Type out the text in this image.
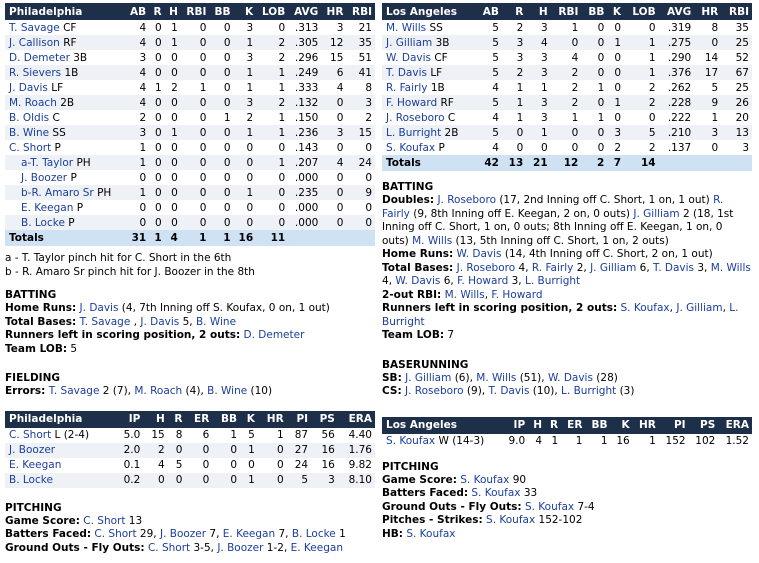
Philadelphia	AB	R	H	RBI	BB	K	LOB	AVG	HR	RBI
T. Savage CF	4	0	1	0	0	3	0	.313	3	21
J. Callison RF	4	0	1	0	0	1	2	.305	12	35
D. Demeter 3B	3	0	0	0	0	3	2	.296	15	51
R. Sievers 1B	4	0	0	0	0	1	1	.249	6	41
J. Davis LF	4	1	2	1	0	1	1	.333	4	8
M. Roach 2B	4	0	0	0	0	3	2	.132	0	3
B. Oldis C	2	0	0	0	1	2	1	.150	0	2
B. Wine SS	3	0	1	0	0	1	1	.236	3	15
C. Short P	1	0	0	0	0	0	0	.143	0	0
a-T. Taylor PH	1	0	0	0	0	0	1	.207	4	24
J. Boozer P	0	0	0	0	0	0	0	.000	0	0
b-R. Amaro Sr PH	1	0	0	0	0	1	0	.235	0	9
E. Keegan P	0	0	0	0	0	0	0	.000	0	0
B. Locke P	0	0	0	0	0	0	0	.000	0	0
Totals	31	1	4	1	1	16	11			
a - T. Taylor pinch hit for C. Short in the 6th
b - R. Amaro Sr pinch hit for J. Boozer in the 8th
BATTING
Home Runs: J. Davis (4, 7th Inning off S. Koufax, 0 on, 1 out)
Total Bases: T. Savage , J. Davis 5, B. Wine
Runners left in scoring position, 2 outs: D. Demeter
Team LOB: 5
FIELDING
Errors: T. Savage 2 (7), M. Roach (4), B. Wine (10)
Philadelphia	IP	H	R	ER	BB	K	HR	PI	PS	ERA
C. Short L (2-4)	5.0	15	8	6	1	5	1	87	56	4.40
J. Boozer	2.0	2	0	0	0	1	0	27	16	1.76
E. Keegan	0.1	4	5	0	0	0	0	24	16	9.82
B. Locke	0.2	0	0	0	0	1	0	5	3	8.10
PITCHING
Game Score: C. Short 13
Batters Faced: C. Short 29, J. Boozer 7, E. Keegan 7, B. Locke 1
Ground Outs - Fly Outs: C. Short 3-5, J. Boozer 1-2, E. Keegan
Los Angeles	AB	R	H	RBI	BB	K	LOB	AVG	HR	RBI
M. Wills SS	5	2	3	1	0	0	0	.319	8	35
J. Gilliam 3B	5	3	4	0	0	1	1	.275	0	25
W. Davis CF	5	3	3	4	0	0	1	.290	14	52
T. Davis LF	5	2	3	2	0	0	1	.376	17	67
R. Fairly 1B	4	1	1	2	1	0	2	.262	5	25
F. Howard RF	5	1	3	2	0	1	2	.228	9	26
J. Roseboro C	4	1	3	1	1	0	0	.222	1	20
L. Burright 2B	5	0	1	0	0	3	5	.210	3	13
S. Koufax P	4	0	0	0	0	2	2	.137	0	3
Totals	42	13	21	12	2	7	14			
BATTING
Doubles: J. Roseboro (17, 2nd Inning off C. Short, 1 on, 1 out) R. Fairly (9, 8th Inning off E. Keegan, 2 on, 0 outs) J. Gilliam 2 (18, 1st Inning off C. Short, 1 on, 0 outs; 8th Inning off E. Keegan, 1 on, 0 outs) M. Wills (13, 5th Inning off C. Short, 1 on, 2 outs)
Home Runs: W. Davis (14, 4th Inning off C. Short, 2 on, 1 out)
Total Bases: J. Roseboro 4, R. Fairly 2, J. Gilliam 6, T. Davis 3, M. Wills 4, W. Davis 6, F. Howard 3, L. Burright
2-out RBI: M. Wills, F. Howard
Runners left in scoring position, 2 outs: S. Koufax, J. Gilliam, L. Burright
Team LOB: 7
BASERUNNING
SB: J. Gilliam (6), M. Wills (51), W. Davis (28)
CS: J. Roseboro (9), T. Davis (10), L. Burright (3)
Los Angeles	IP	H	R	ER	BB	K	HR	PI	PS	ERA
S. Koufax W (14-3)	9.0	4	1	1	1	16	1	152	102	1.52
PITCHING
Game Score: S. Koufax 90
Batters Faced: S. Koufax 33
Ground Outs - Fly Outs: S. Koufax 7-4
Pitches - Strikes: S. Koufax 152-102
HB: S. Koufax
